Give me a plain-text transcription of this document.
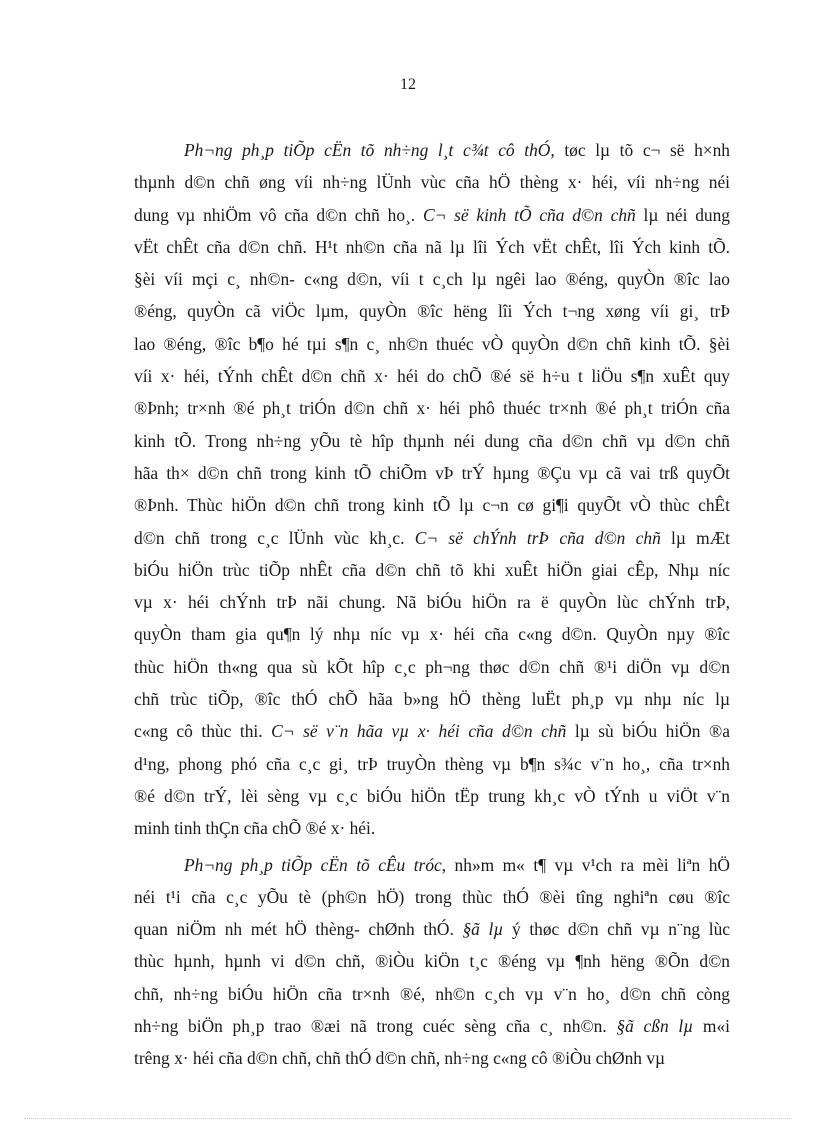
12

Ph¬ng ph¸p tiÕp cËn tõ nh÷ng l¸t c¾t cô thÓ, tøc lµ tõ c¬ së h×nh
thµnh d©n chñ øng víi nh÷ng lÜnh vùc cña hÖ thèng x· héi, víi nh÷ng néi
dung vµ nhiÖm vô cña d©n chñ ho¸. C¬ së kinh tÕ cña d©n chñ lµ néi dung
vËt chÊt cña d©n chñ. H¹t nh©n cña nã lµ lîi Ých vËt chÊt, lîi Ých kinh tÕ.
§èi víi mçi c¸ nh©n- c«ng d©n, víi t c¸ch lµ ngêi lao ®éng, quyÒn ®îc lao
®éng, quyÒn cã viÖc lµm, quyÒn ®îc hëng lîi Ých t¬ng xøng víi gi¸ trÞ
lao ®éng, ®îc b¶o hé tµi s¶n c¸ nh©n thuéc vÒ quyÒn d©n chñ kinh tÕ. §èi
víi x· héi, tÝnh chÊt d©n chñ x· héi do chÕ ®é së h÷u t liÖu s¶n xuÊt quy
®Þnh; tr×nh ®é ph¸t triÓn d©n chñ x· héi phô thuéc tr×nh ®é ph¸t triÓn cña
kinh tÕ. Trong nh÷ng yÕu tè hîp thµnh néi dung cña d©n chñ vµ d©n chñ
hãa th× d©n chñ trong kinh tÕ chiÕm vÞ trÝ hµng ®Çu vµ cã vai trß quyÕt
®Þnh. Thùc hiÖn d©n chñ trong kinh tÕ lµ c¬n cø gi¶i quyÕt vÒ thùc chÊt
d©n chñ trong c¸c lÜnh vùc kh¸c. C¬ së chÝnh trÞ cña d©n chñ lµ mÆt
biÓu hiÖn trùc tiÕp nhÊt cña d©n chñ tõ khi xuÊt hiÖn giai cÊp, Nhµ níc
vµ x· héi chÝnh trÞ nãi chung. Nã biÓu hiÖn ra ë quyÒn lùc chÝnh trÞ,
quyÒn tham gia qu¶n lý nhµ níc vµ x· héi cña c«ng d©n. QuyÒn nµy ®îc
thùc hiÖn th«ng qua sù kÕt hîp c¸c ph¬ng thøc d©n chñ ®¹i diÖn vµ d©n
chñ trùc tiÕp, ®îc thÓ chÕ hãa b»ng hÖ thèng luËt ph¸p vµ nhµ níc lµ
c«ng cô thùc thi. C¬ së v¨n hãa vµ x· héi cña d©n chñ lµ sù biÓu hiÖn ®a
d¹ng, phong phó cña c¸c gi¸ trÞ truyÒn thèng vµ b¶n s¾c v¨n ho¸, cña tr×nh
®é d©n trÝ, lèi sèng vµ c¸c biÓu hiÖn tËp trung kh¸c vÒ tÝnh u viÖt v¨n
minh tinh thÇn cña chÕ ®é x· héi.

Ph¬ng ph¸p tiÕp cËn tõ cÊu tróc, nh»m m« t¶ vµ v¹ch ra mèi liªn hÖ
néi t¹i cña c¸c yÕu tè (ph©n hÖ) trong thùc thÓ ®èi tîng nghiªn cøu ®îc
quan niÖm nh mét hÖ thèng- chØnh thÓ. §ã lµ ý thøc d©n chñ vµ n¨ng lùc
thùc hµnh, hµnh vi d©n chñ, ®iÒu kiÖn t¸c ®éng vµ ¶nh hëng ®Õn d©n
chñ, nh÷ng biÓu hiÖn cña tr×nh ®é, nh©n c¸ch vµ v¨n ho¸ d©n chñ còng
nh÷ng biÖn ph¸p trao ®æi nã trong cuéc sèng cña c¸ nh©n. §ã cßn lµ m«i
trêng x· héi cña d©n chñ, chñ thÓ d©n chñ, nh÷ng c«ng cô ®iÒu chØnh vµ
